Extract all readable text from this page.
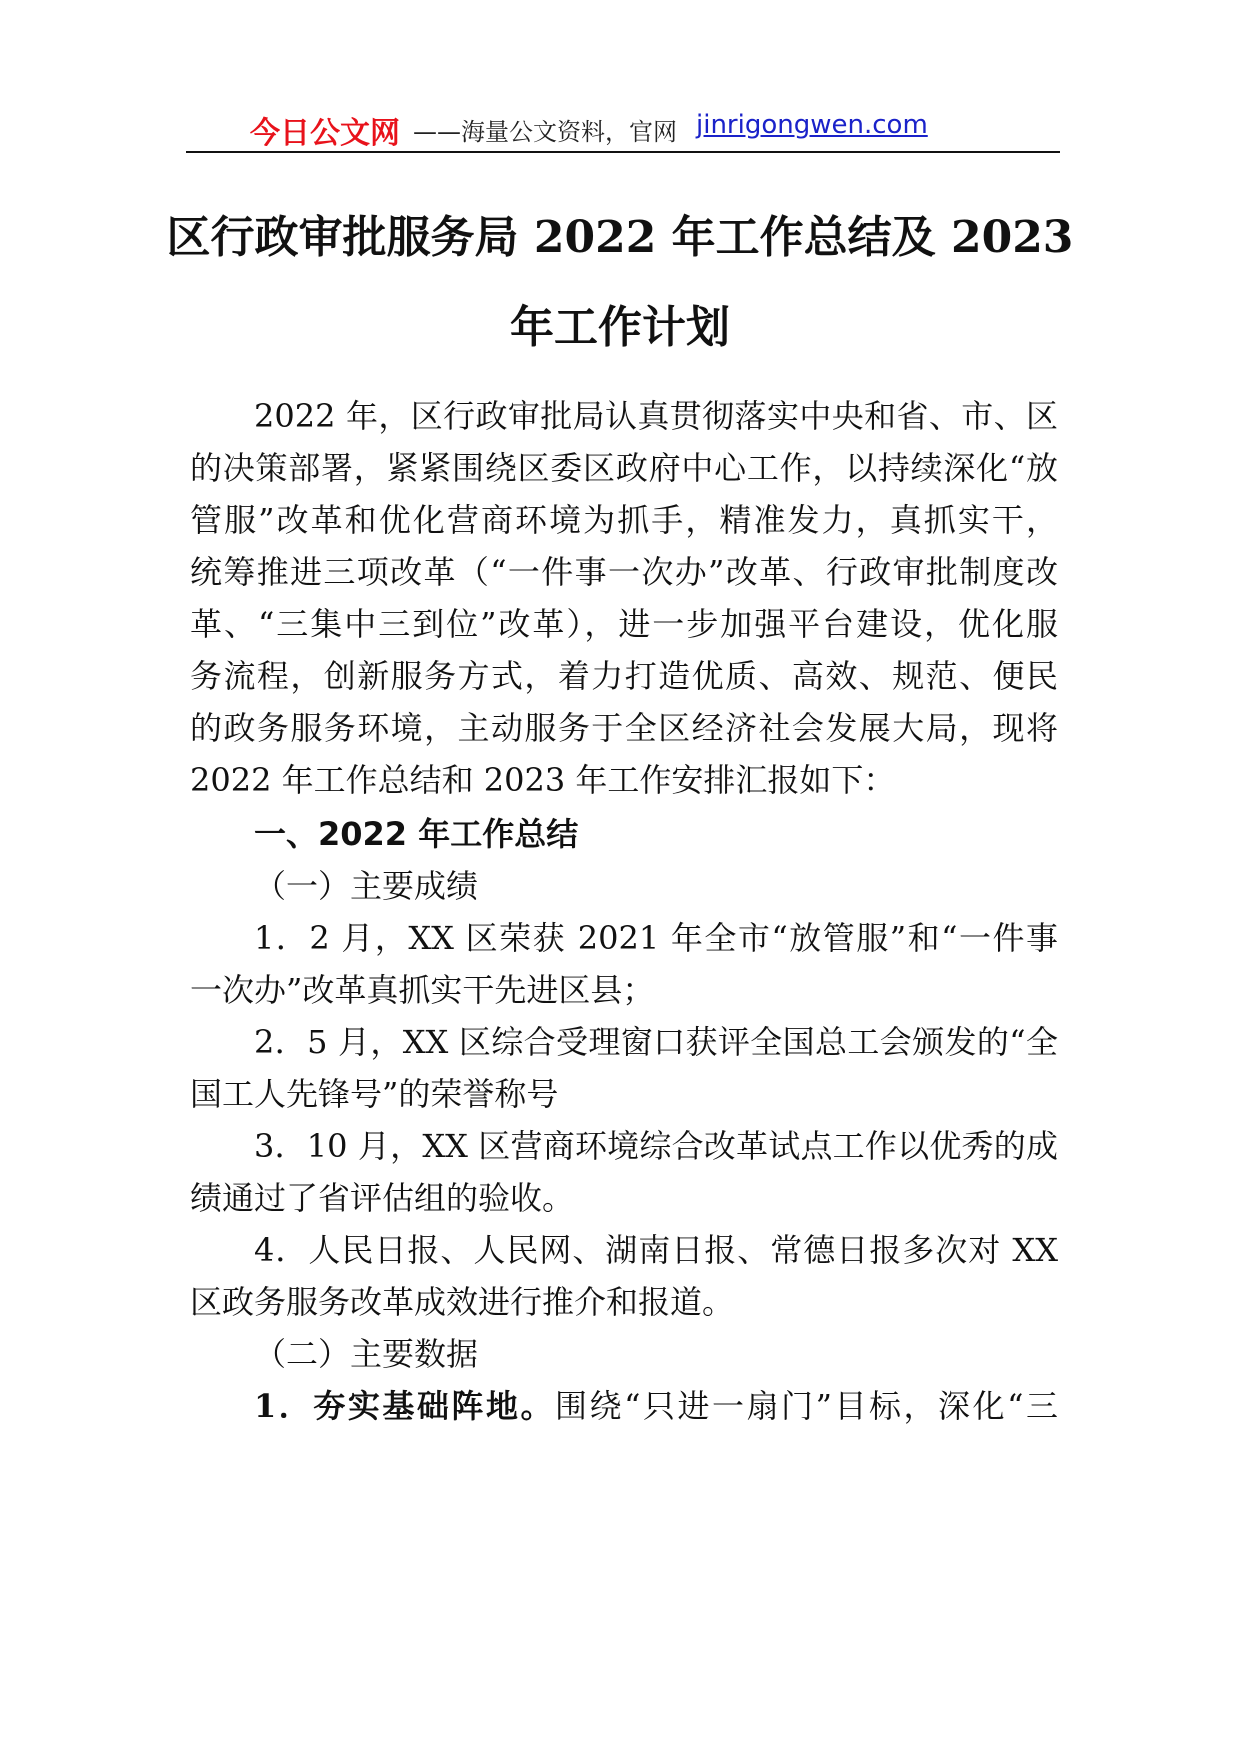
今日公文网 ——海量公文资料，官网 jinrigongwen.com
区行政审批服务局 2022 年工作总结及 2023
年工作计划
2022 年，区行政审批局认真贯彻落实中央和省、市、区
的决策部署，紧紧围绕区委区政府中心工作，以持续深化“放
管服”改革和优化营商环境为抓手，精准发力，真抓实干，
统筹推进三项改革（“一件事一次办”改革、行政审批制度改
革、“三集中三到位”改革），进一步加强平台建设，优化服
务流程，创新服务方式，着力打造优质、高效、规范、便民
的政务服务环境，主动服务于全区经济社会发展大局，现将
2022 年工作总结和 2023 年工作安排汇报如下：
一、2022 年工作总结
（一）主要成绩
1．2 月，XX 区荣获 2021 年全市“放管服”和“一件事
一次办”改革真抓实干先进区县；
2．5 月，XX 区综合受理窗口获评全国总工会颁发的“全
国工人先锋号”的荣誉称号
3．10 月，XX 区营商环境综合改革试点工作以优秀的成
绩通过了省评估组的验收。
4．人民日报、人民网、湖南日报、常德日报多次对 XX
区政务服务改革成效进行推介和报道。
（二）主要数据
1．夯实基础阵地。围绕“只进一扇门”目标，深化“三
